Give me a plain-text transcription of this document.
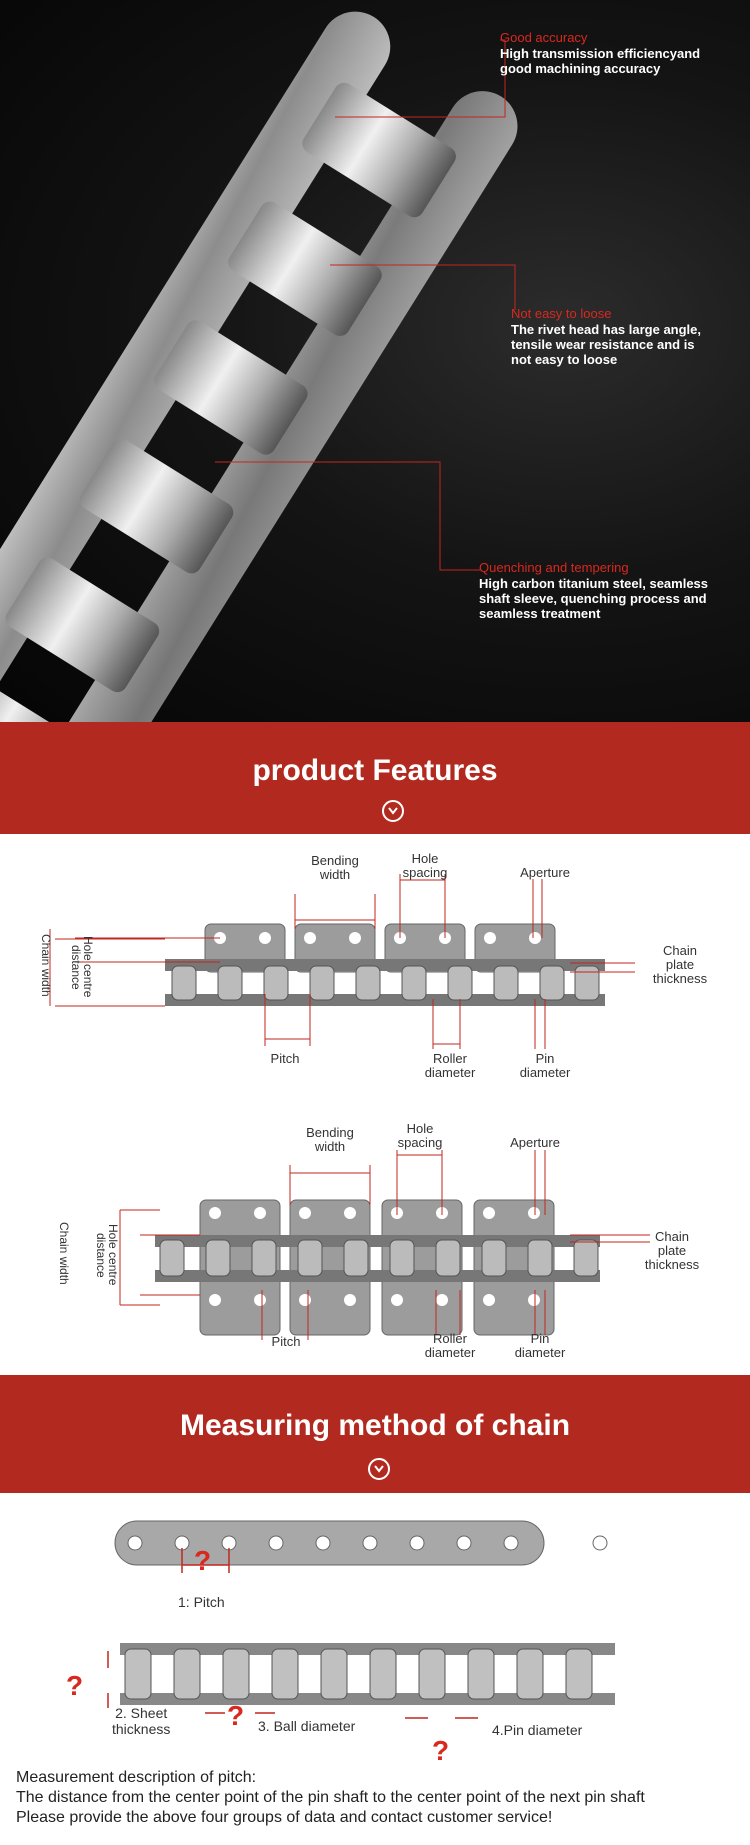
Good accuracy
High transmission efficiencyand
good machining accuracy
Not easy to loose
The rivet head has large angle,
tensile wear resistance and is
not easy to loose
Quenching and tempering
High carbon titanium steel, seamless
shaft sleeve, quenching process and
seamless treatment
product Features
Bending
width
Hole
spacing	Aperture
Chain
plate
thickness
Chain width	Hole centre distance
Pitch	Roller
diameter
Pin
diameter
Bending
width
Hole
spacing	Aperture
Chain
plate
thickness
Chain width	Hole centre distance
Pitch	Roller
diameter
Pin
diameter
Measuring method of chain
?
?
?
?
1: Pitch
2. Sheet
thickness	3. Ball diameter	4.Pin diameter
Measurement description of pitch:
The distance from the center point of the pin shaft to the center point of the next pin shaft
Please provide the above four groups of data and contact customer service!
